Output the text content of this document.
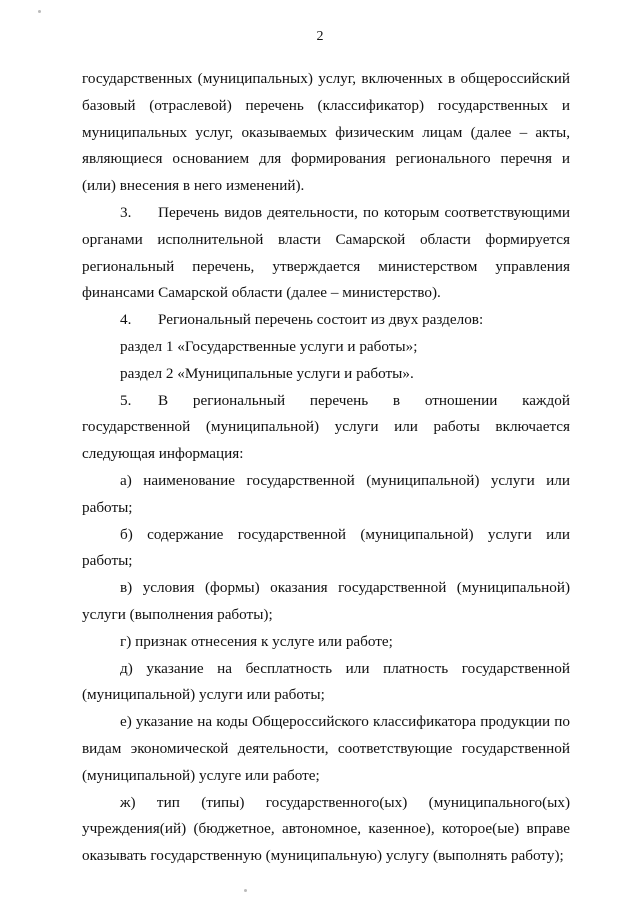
2

государственных (муниципальных) услуг, включенных в общероссийский базовый (отраслевой) перечень (классификатор) государственных и муниципальных услуг, оказываемых физическим лицам (далее – акты, являющиеся основанием для формирования регионального перечня и (или) внесения в него изменений).

3. Перечень видов деятельности, по которым соответствующими органами исполнительной власти Самарской области формируется региональный перечень, утверждается министерством управления финансами Самарской области (далее – министерство).

4. Региональный перечень состоит из двух разделов:

раздел 1 «Государственные услуги и работы»;

раздел 2 «Муниципальные услуги и работы».

5. В региональный перечень в отношении каждой государственной (муниципальной) услуги или работы включается следующая информация:

а) наименование государственной (муниципальной) услуги или работы;

б) содержание государственной (муниципальной) услуги или работы;

в) условия (формы) оказания государственной (муниципальной) услуги (выполнения работы);

г) признак отнесения к услуге или работе;

д) указание на бесплатность или платность государственной (муниципальной) услуги или работы;

е) указание на коды Общероссийского классификатора продукции по видам экономической деятельности, соответствующие государственной (муниципальной) услуге или работе;

ж) тип (типы) государственного(ых) (муниципального(ых) учреждения(ий) (бюджетное, автономное, казенное), которое(ые) вправе оказывать государственную (муниципальную) услугу (выполнять работу);
